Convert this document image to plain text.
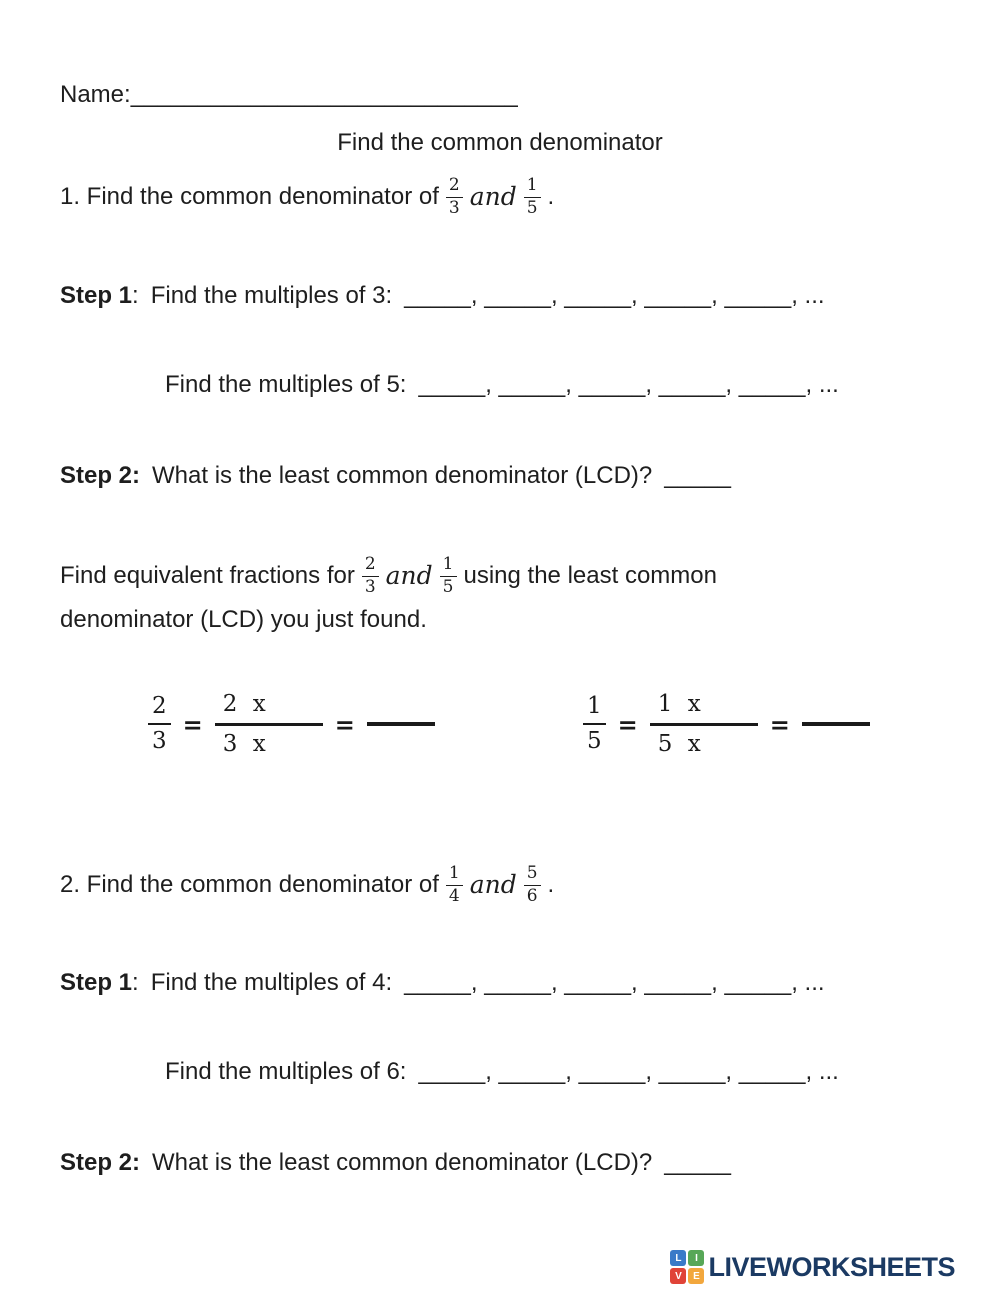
Name:_____________________________
Find the common denominator
1. Find the common denominator of $\frac{2}{3}$ and $\frac{1}{5}$ .
Step 1: Find the multiples of 3: _____, _____, _____, _____, _____, ...
Find the multiples of 5: _____, _____, _____, _____, _____, ...
Step 2: What is the least common denominator (LCD)? _____
Find equivalent fractions for $\frac{2}{3}$ and $\frac{1}{5}$ using the least common
denominator (LCD) you just found.
$\frac{2}{3} = \frac{2 x}{3 x}$ =	$\frac{1}{5} = \frac{1 x}{5 x}$ =
2. Find the common denominator of $\frac{1}{4}$ and $\frac{5}{6}$ .
Step 1: Find the multiples of 4: _____, _____, _____, _____, _____, ...
Find the multiples of 6: _____, _____, _____, _____, _____, ...
Step 2: What is the least common denominator (LCD)? _____
L	I
V	E LIVEWORKSHEETS
